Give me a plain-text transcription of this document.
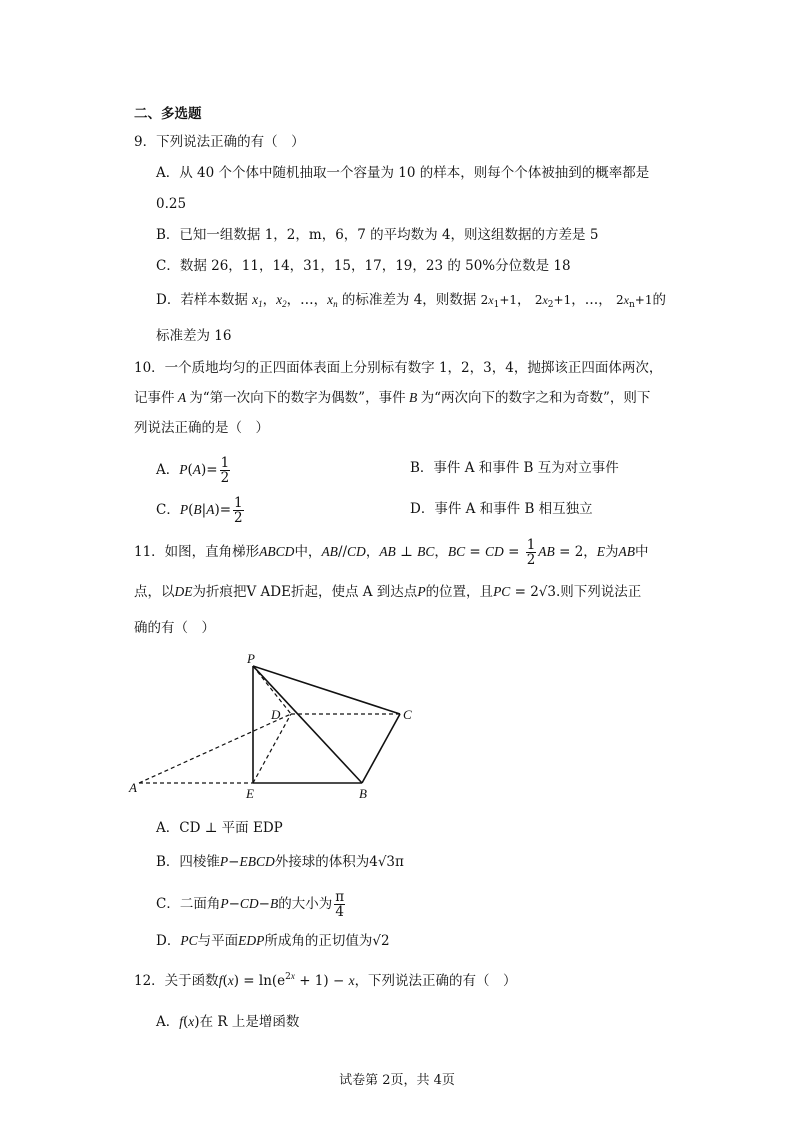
二、多选题
9．下列说法正确的有（　）
A．从 40 个个体中随机抽取一个容量为 10 的样本，则每个个体被抽到的概率都是
0.25
B．已知一组数据 1，2，m，6，7 的平均数为 4，则这组数据的方差是 5
C．数据 26，11，14，31，15，17，19，23 的 50%分位数是 18
D．若样本数据 $x_1$，$x_2$，…，$x_n$ 的标准差为 4，则数据 $2x_1+1$， $2x_2+1$，…， $2x_n+1$的
标准差为 16
10．一个质地均匀的正四面体表面上分别标有数字 1，2，3，4，抛掷该正四面体两次，
记事件 A 为“第一次向下的数字为偶数”，事件 B 为“两次向下的数字之和为奇数”，则下
列说法正确的是（　）
A．$P(A)= \frac{1}{2}$	B．事件 A 和事件 B 互为对立事件
C．$P(B|A)= \frac{1}{2}$	D．事件 A 和事件 B 相互独立
11．如图，直角梯形ABCD中，AB//CD，AB ⊥ BC，BC = CD = $\frac{1}{2}$ AB = 2，E为AB中
点，以DE为折痕把V ADE折起，使点 A 到达点P的位置，且PC = 2√3.则下列说法正
确的有（　）
P
D	C
A	E	B
A．CD ⊥ 平面 EDP
B．四棱锥P−EBCD外接球的体积为4√3π
C．二面角P−CD−B的大小为 $\frac{\pi}{4}$
D．PC与平面EDP所成角的正切值为√2
12．关于函数$f(x) = \ln(e^{2x} + 1) - x$，下列说法正确的有（　）
A．f(x)在 R 上是增函数
试卷第 2页，共 4页
